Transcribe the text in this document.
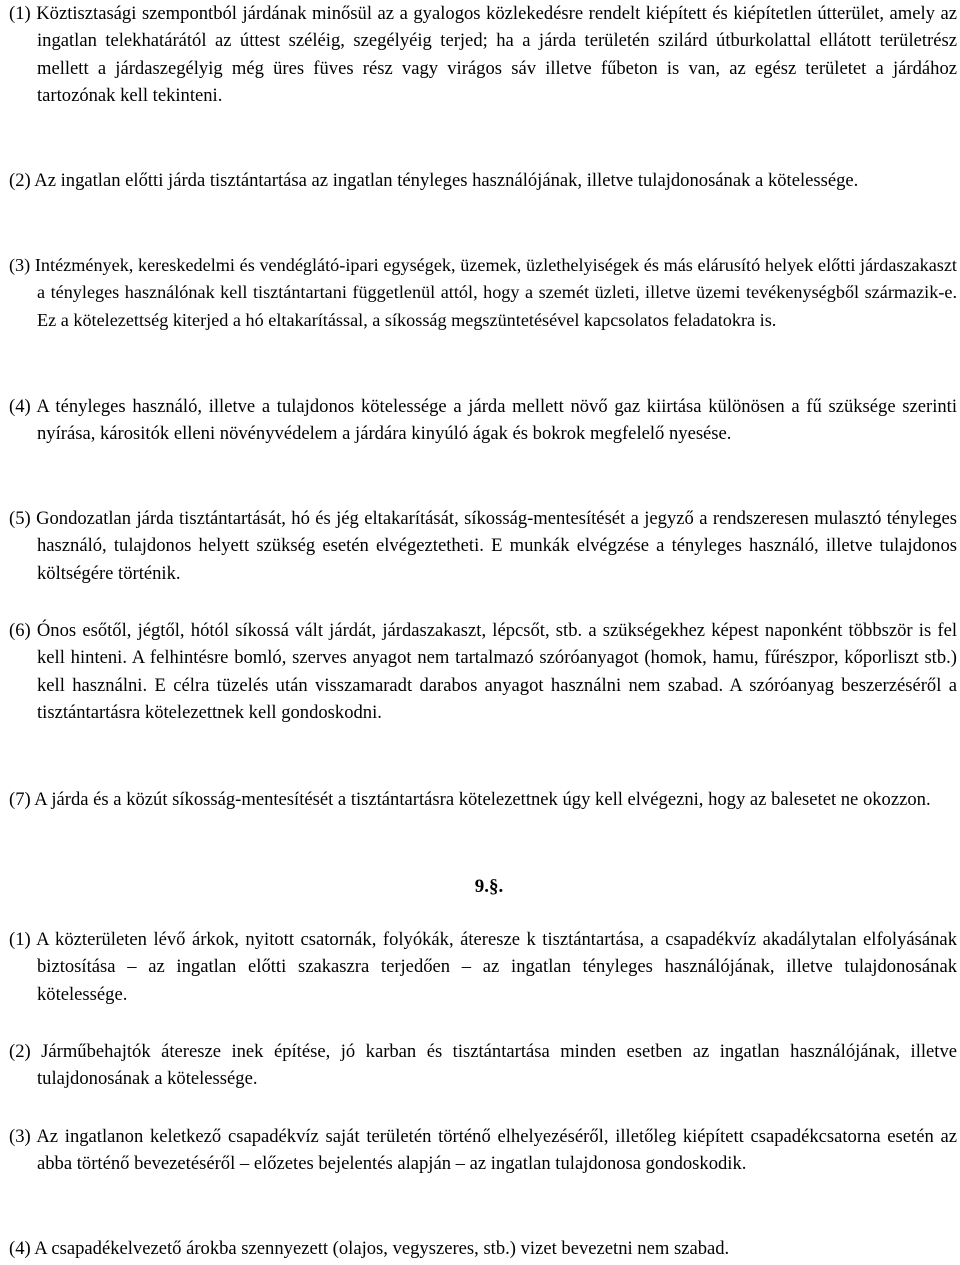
(1) Köztisztasági szempontból járdának minősül az a gyalogos közlekedésre rendelt kiépített és kiépítetlen útterület, amely az ingatlan telekhatárától az úttest széléig, szegélyéig terjed; ha a járda területén szilárd útburkolattal ellátott területrész mellett a járdaszegélyig még üres füves rész vagy virágos sáv illetve fűbeton is van, az egész területet a járdához tartozónak kell tekinteni.

(2) Az ingatlan előtti járda tisztántartása az ingatlan tényleges használójának, illetve tulajdonosának a kötelessége.

(3) Intézmények, kereskedelmi és vendéglátó-ipari egységek, üzemek, üzlethelyiségek és más elárusító helyek előtti járdaszakaszt a tényleges használónak kell tisztántartani függetlenül attól, hogy a szemét üzleti, illetve üzemi tevékenységből származik-e. Ez a kötelezettség kiterjed a hó eltakarítással, a síkosság megszüntetésével kapcsolatos feladatokra is.

(4) A tényleges használó, illetve a tulajdonos kötelessége a járda mellett növő gaz kiirtása különösen a fű szüksége szerinti nyírása, kárositók elleni növényvédelem a járdára kinyúló ágak és bokrok megfelelő nyesése.

(5) Gondozatlan járda tisztántartását, hó és jég eltakarítását, síkosság-mentesítését a jegyző a rendszeresen mulasztó tényleges használó, tulajdonos helyett szükség esetén elvégeztetheti. E munkák elvégzése a tényleges használó, illetve tulajdonos költségére történik.

(6) Ónos esőtől, jégtől, hótól síkossá vált járdát, járdaszakaszt, lépcsőt, stb. a szükségekhez képest naponként többször is fel kell hinteni. A felhintésre bomló, szerves anyagot nem tartalmazó szóróanyagot (homok, hamu, fűrészpor, kőporliszt stb.) kell használni. E célra tüzelés után visszamaradt darabos anyagot használni nem szabad. A szóróanyag beszerzéséről a tisztántartásra kötelezettnek kell gondoskodni.

(7) A járda és a közút síkosság-mentesítését a tisztántartásra kötelezettnek úgy kell elvégezni, hogy az balesetet ne okozzon.

9.§.

(1) A közterületen lévő árkok, nyitott csatornák, folyókák, áteresze k tisztántartása, a csapadékvíz akadálytalan elfolyásának biztosítása – az ingatlan előtti szakaszra terjedően – az ingatlan tényleges használójának, illetve tulajdonosának kötelessége.

(2) Járműbehajtók áteresze inek építése, jó karban és tisztántartása minden esetben az ingatlan használójának, illetve tulajdonosának a kötelessége.

(3) Az ingatlanon keletkező csapadékvíz saját területén történő elhelyezéséről, illetőleg kiépített csapadékcsatorna esetén az abba történő bevezetéséről – előzetes bejelentés alapján – az ingatlan tulajdonosa gondoskodik.

(4) A csapadékelvezető árokba szennyezett (olajos, vegyszeres, stb.) vizet bevezetni nem szabad.
